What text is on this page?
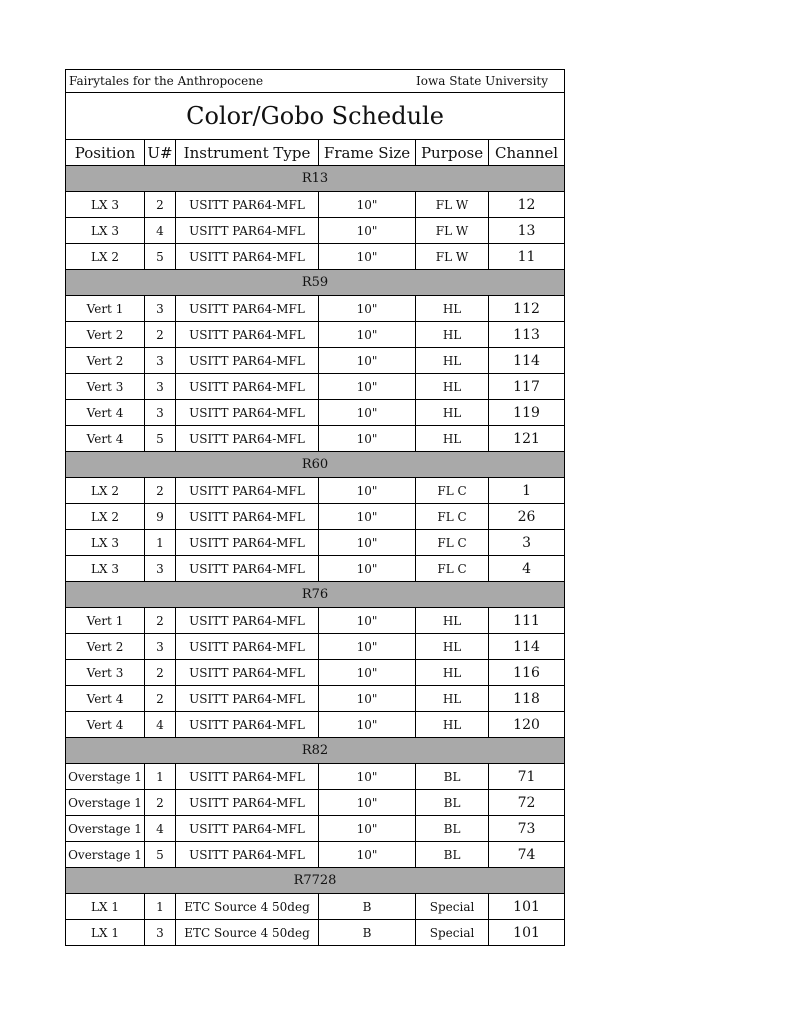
Fairytales for the Anthropocene			Iowa State University		
Color/Gobo Schedule					
Position	U#	Instrument Type	Frame Size	Purpose	Channel
R13					
LX 3	2	USITT PAR64-MFL	10"	FL W	12
LX 3	4	USITT PAR64-MFL	10"	FL W	13
LX 2	5	USITT PAR64-MFL	10"	FL W	11
R59					
Vert 1	3	USITT PAR64-MFL	10"	HL	112
Vert 2	2	USITT PAR64-MFL	10"	HL	113
Vert 2	3	USITT PAR64-MFL	10"	HL	114
Vert 3	3	USITT PAR64-MFL	10"	HL	117
Vert 4	3	USITT PAR64-MFL	10"	HL	119
Vert 4	5	USITT PAR64-MFL	10"	HL	121
R60					
LX 2	2	USITT PAR64-MFL	10"	FL C	1
LX 2	9	USITT PAR64-MFL	10"	FL C	26
LX 3	1	USITT PAR64-MFL	10"	FL C	3
LX 3	3	USITT PAR64-MFL	10"	FL C	4
R76					
Vert 1	2	USITT PAR64-MFL	10"	HL	111
Vert 2	3	USITT PAR64-MFL	10"	HL	114
Vert 3	2	USITT PAR64-MFL	10"	HL	116
Vert 4	2	USITT PAR64-MFL	10"	HL	118
Vert 4	4	USITT PAR64-MFL	10"	HL	120
R82					
Overstage 1	1	USITT PAR64-MFL	10"	BL	71
Overstage 1	2	USITT PAR64-MFL	10"	BL	72
Overstage 1	4	USITT PAR64-MFL	10"	BL	73
Overstage 1	5	USITT PAR64-MFL	10"	BL	74
R7728					
LX 1	1	ETC Source 4 50deg	B	Special	101
LX 1	3	ETC Source 4 50deg	B	Special	101
